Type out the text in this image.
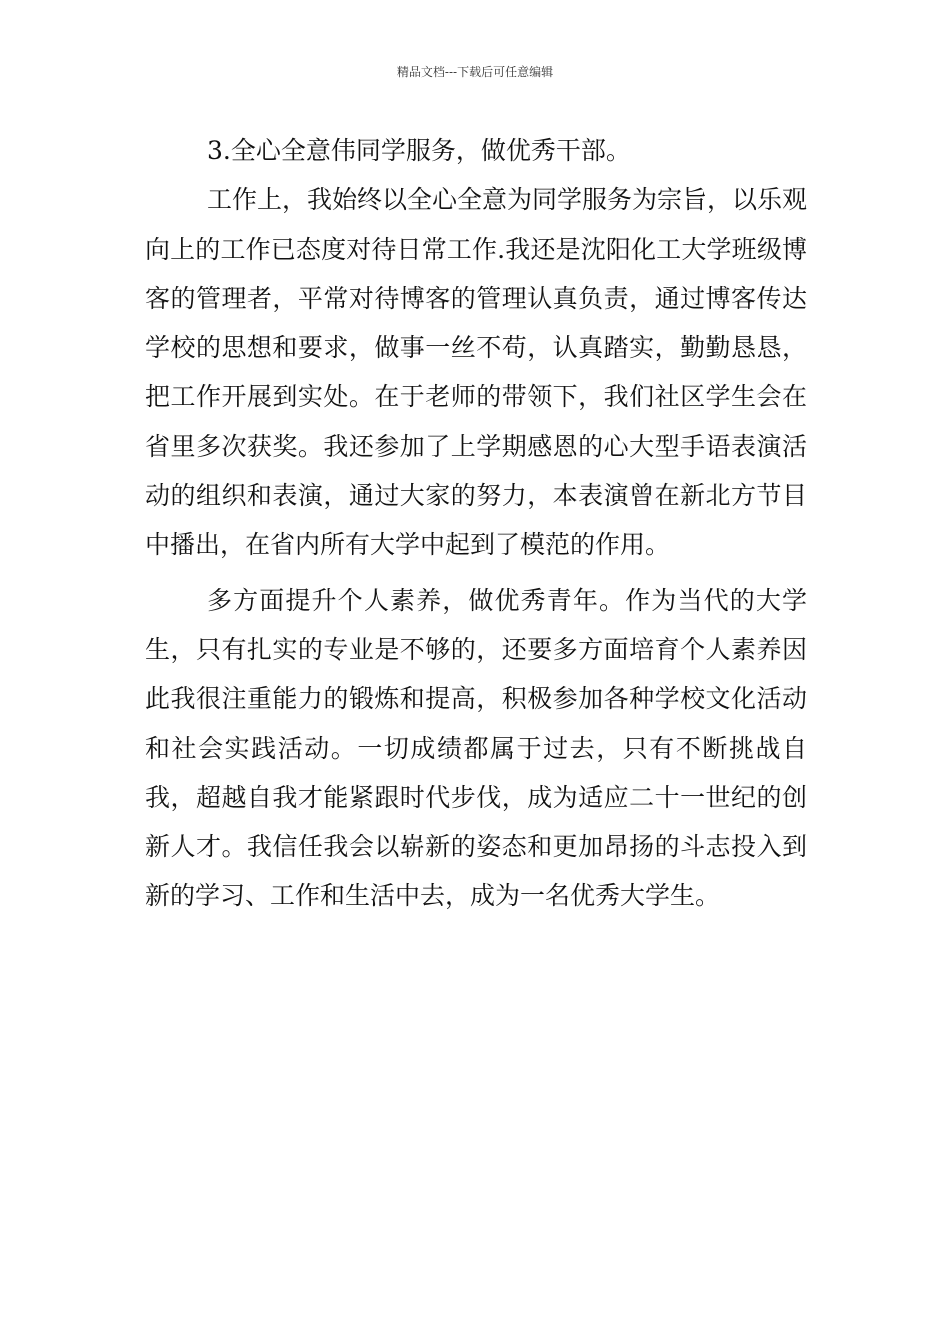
精品文档---下载后可任意编辑

3.全心全意伟同学服务，做优秀干部。

工作上，我始终以全心全意为同学服务为宗旨，以乐观向上的工作已态度对待日常工作.我还是沈阳化工大学班级博客的管理者，平常对待博客的管理认真负责，通过博客传达学校的思想和要求，做事一丝不苟，认真踏实，勤勤恳恳，把工作开展到实处。在于老师的带领下，我们社区学生会在省里多次获奖。我还参加了上学期感恩的心大型手语表演活动的组织和表演，通过大家的努力，本表演曾在新北方节目中播出，在省内所有大学中起到了模范的作用。

多方面提升个人素养，做优秀青年。作为当代的大学生，只有扎实的专业是不够的，还要多方面培育个人素养因此我很注重能力的锻炼和提高，积极参加各种学校文化活动和社会实践活动。一切成绩都属于过去，只有不断挑战自我，超越自我才能紧跟时代步伐，成为适应二十一世纪的创新人才。我信任我会以崭新的姿态和更加昂扬的斗志投入到新的学习、工作和生活中去，成为一名优秀大学生。
